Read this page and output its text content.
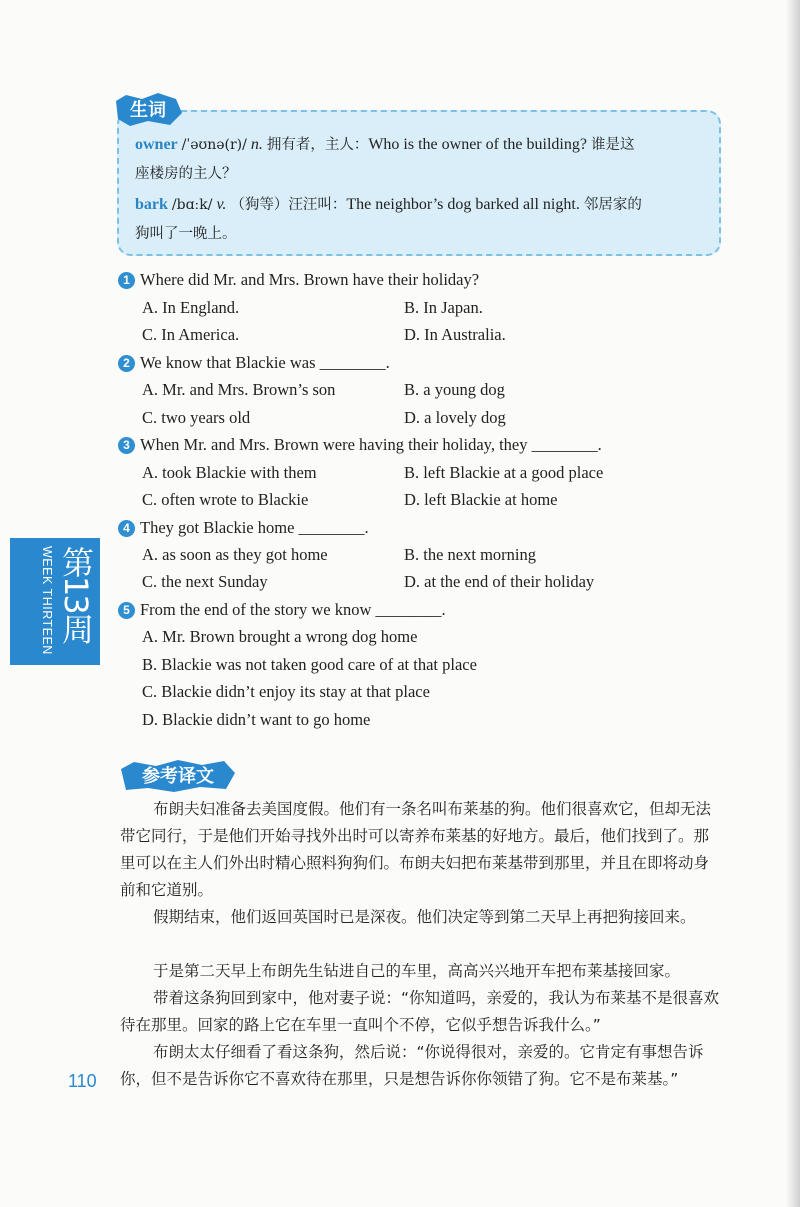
owner /ˈəʊnə(r)/ n. 拥有者，主人：Who is the owner of the building? 谁是这

座楼房的主人？

bark /bɑːk/ v. （狗等）汪汪叫：The neighbor’s dog barked all night. 邻居家的

狗叫了一晚上。

生词
1 Where did Mr. and Mrs. Brown have their holiday?
A. In England.	B. In Japan.
C. In America.	D. In Australia.
2 We know that Blackie was ________.
A. Mr. and Mrs. Brown’s son	B. a young dog
C. two years old	D. a lovely dog
3 When Mr. and Mrs. Brown were having their holiday, they ________.
A. took Blackie with them	B. left Blackie at a good place
C. often wrote to Blackie	D. left Blackie at home
4 They got Blackie home ________.
A. as soon as they got home	B. the next morning
C. the next Sunday	D. at the end of their holiday
5 From the end of the story we know ________.
A. Mr. Brown brought a wrong dog home
B. Blackie was not taken good care of at that place
C. Blackie didn’t enjoy its stay at that place
D. Blackie didn’t want to go home
WEEK THIRTEEN 第13周
参考译文

布朗夫妇准备去美国度假。他们有一条名叫布莱基的狗。他们很喜欢它，但却无法带它同行，于是他们开始寻找外出时可以寄养布莱基的好地方。最后，他们找到了。那里可以在主人们外出时精心照料狗狗们。布朗夫妇把布莱基带到那里，并且在即将动身前和它道别。

假期结束，他们返回英国时已是深夜。他们决定等到第二天早上再把狗接回来。

于是第二天早上布朗先生钻进自己的车里，高高兴兴地开车把布莱基接回家。

带着这条狗回到家中，他对妻子说：“你知道吗，亲爱的，我认为布莱基不是很喜欢待在那里。回家的路上它在车里一直叫个不停，它似乎想告诉我什么。”

布朗太太仔细看了看这条狗，然后说：“你说得很对，亲爱的。它肯定有事想告诉你，但不是告诉你它不喜欢待在那里，只是想告诉你你领错了狗。它不是布莱基。”

110
